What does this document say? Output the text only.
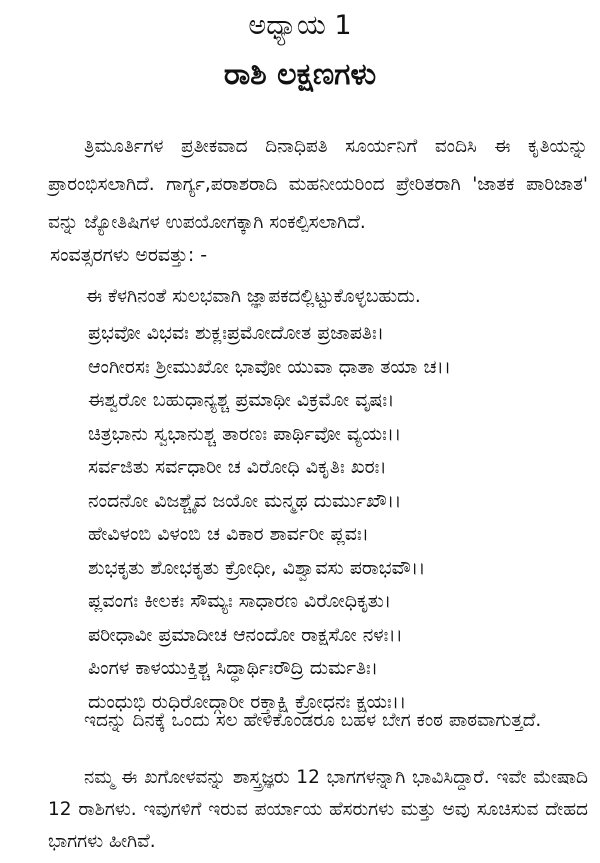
ಅಧ್ಯಾಯ 1
ರಾಶಿ ಲಕ್ಷಣಗಳು
ತ್ರಿಮೂರ್ತಿಗಳ ಪ್ರತೀಕವಾದ ದಿನಾಧಿಪತಿ ಸೂರ್ಯನಿಗೆ ವಂದಿಸಿ ಈ ಕೃತಿಯನ್ನು ಪ್ರಾರಂಭಿಸಲಾಗಿದೆ. ಗಾರ್ಗ್ಯ,ಪರಾಶರಾದಿ ಮಹನೀಯರಿಂದ ಪ್ರೇರಿತರಾಗಿ 'ಜಾತಕ ಪಾರಿಜಾತ' ವನ್ನು ಜ್ಯೋತಿಷಿಗಳ ಉಪಯೋಗಕ್ಕಾಗಿ ಸಂಕಲ್ಪಿಸಲಾಗಿದೆ.
ಸಂವತ್ಸರಗಳು ಅರವತ್ತು: -
ಈ ಕೆಳಗಿನಂತೆ ಸುಲಭವಾಗಿ ಜ್ಞಾಪಕದಲ್ಲಿಟ್ಟುಕೊಳ್ಳಬಹುದು.
ಪ್ರಭವೋ ವಿಭವಃ ಶುಕ್ಲಃಪ್ರಮೋದೋತ ಪ್ರಜಾಪತಿಃ।
ಆಂಗೀರಸಃ ಶ್ರೀಮುಖೋ ಭಾವೋ ಯುವಾ ಧಾತಾ ತಯಾ ಚ।।
ಈಶ್ವರೋ ಬಹುಧಾನ್ಯಶ್ಚ ಪ್ರಮಾಥೀ ವಿಕ್ರಮೋ ವೃಷಃ।
ಚಿತ್ರಭಾನು ಸ್ವಭಾನುಶ್ಚ ತಾರಣಃ ಪಾರ್ಥಿವೋ ವ್ಯಯಃ।।
ಸರ್ವಜಿತು ಸರ್ವಧಾರೀ ಚ ವಿರೋಧಿ ವಿಕೃತಿಃ ಖರಃ।
ನಂದನೋ ವಿಜಶ್ಚೈವ ಜಯೋ ಮನ್ಮಥ ದುರ್ಮುಖೌ।।
ಹೇವಿಳಂಬಿ ವಿಳಂಬಿ ಚ ವಿಕಾರ ಶಾರ್ವರೀ ಪ್ಲವಃ।
ಶುಭಕೃತು ಶೋಭಕೃತು ಕ್ರೋಧೀ, ವಿಶ್ವಾವಸು ಪರಾಭವೌ।।
ಪ್ಲವಂಗಃ ಕೀಲಕಃ ಸೌಮ್ಯಃ ಸಾಧಾರಣ ವಿರೋಧಿಕೃತು।
ಪರೀಧಾವೀ ಪ್ರಮಾದೀಚ ಆನಂದೋ ರಾಕ್ಷಸೋ ನಳಃ।।
ಪಿಂಗಳ ಕಾಳಯುಕ್ತಿಶ್ಚ ಸಿದ್ಧಾರ್ಥಿಃರೌದ್ರಿ ದುರ್ಮತಿಃ।
ದುಂಧುಭಿ ರುಧಿರೋದ್ಗಾರೀ ರಕ್ತಾಕ್ಷಿ ಕ್ರೋಧನಃ ಕ್ಷಯಃ।।
ಇದನ್ನು ದಿನಕ್ಕೆ ಒಂದು ಸಲ ಹೇಳಿಕೊಂಡರೂ ಬಹಳ ಬೇಗ ಕಂಠ ಪಾಠವಾಗುತ್ತದೆ.
ನಮ್ಮ ಈ ಖಗೋಳವನ್ನು ಶಾಸ್ತ್ರಜ್ಞರು 12 ಭಾಗಗಳನ್ನಾಗಿ ಭಾವಿಸಿದ್ದಾರೆ. ಇವೇ ಮೇಷಾದಿ 12 ರಾಶಿಗಳು. ಇವುಗಳಿಗೆ ಇರುವ ಪರ್ಯಾಯ ಹೆಸರುಗಳು ಮತ್ತು ಅವು ಸೂಚಿಸುವ ದೇಹದ ಭಾಗಗಳು ಹೀಗಿವೆ.
